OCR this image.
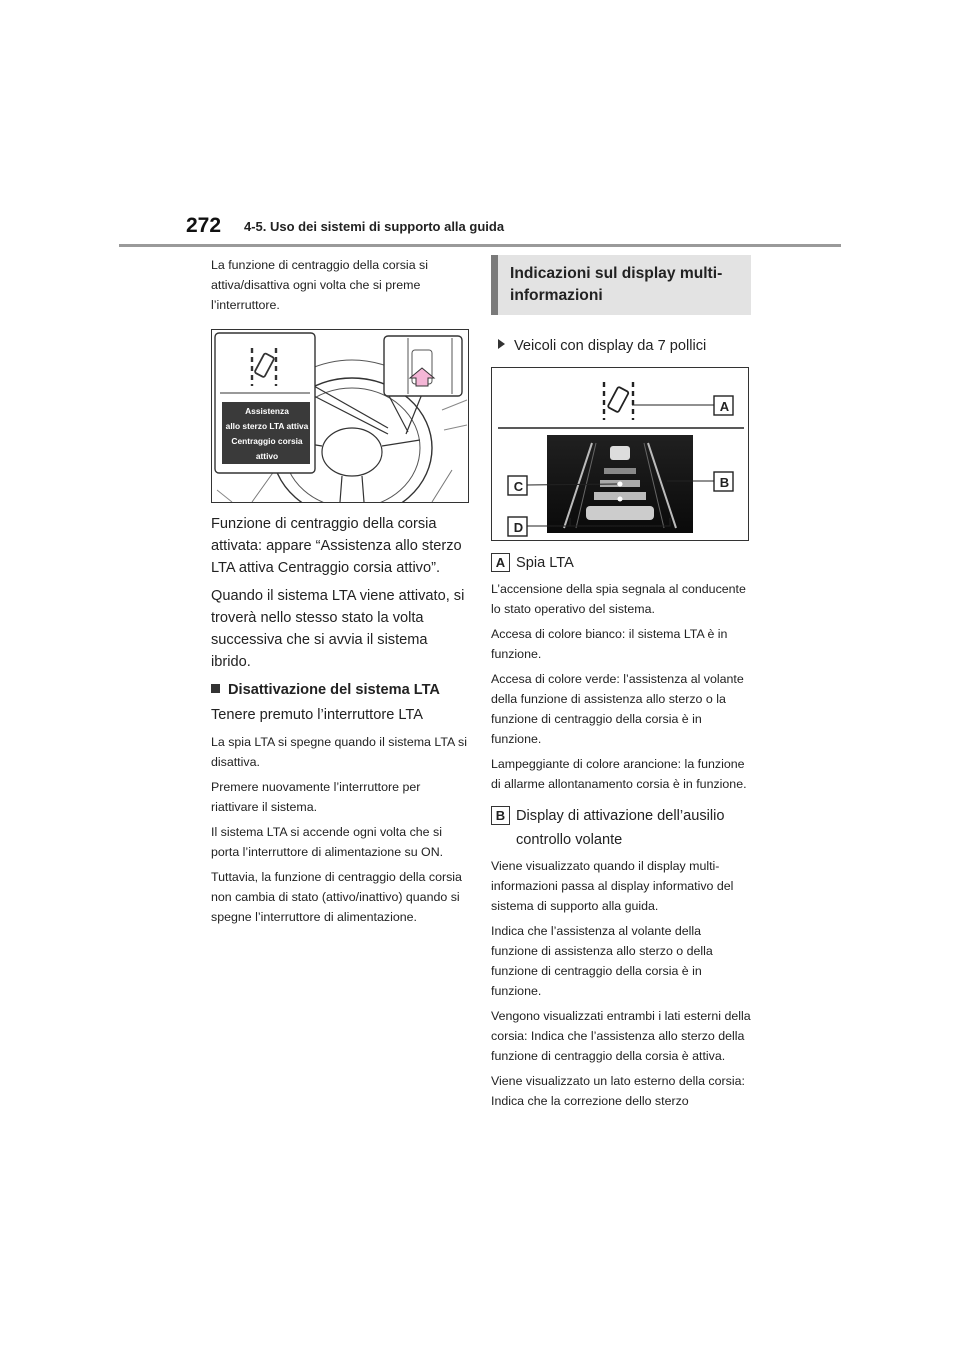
272 4-5. Uso dei sistemi di supporto alla guida

La funzione di centraggio della corsia si attiva/disattiva ogni volta che si preme l’interruttore.

Assistenza
allo sterzo LTA attiva
Centraggio corsia attivo

Funzione di centraggio della corsia attivata: appare “Assistenza allo sterzo LTA attiva Centraggio corsia attivo”.

Quando il sistema LTA viene attivato, si troverà nello stesso stato la volta successiva che si avvia il sistema ibrido.

Disattivazione del sistema LTA

Tenere premuto l’interruttore LTA

La spia LTA si spegne quando il sistema LTA si disattiva.

Premere nuovamente l’interruttore per riattivare il sistema.

Il sistema LTA si accende ogni volta che si porta l’interruttore di alimentazione su ON.

Tuttavia, la funzione di centraggio della corsia non cambia di stato (attivo/inattivo) quando si spegne l’interruttore di alimentazione.

Indicazioni sul display multi-informazioni
Veicoli con display da 7 pollici
A
B
C
D
A Spia LTA

L’accensione della spia segnala al conducente lo stato operativo del sistema.

Accesa di colore bianco: il sistema LTA è in funzione.

Accesa di colore verde: l’assistenza al volante della funzione di assistenza allo sterzo o la funzione di centraggio della corsia è in funzione.

Lampeggiante di colore arancione: la funzione di allarme allontanamento corsia è in funzione.

B Display di attivazione dell’ausilio controllo volante

Viene visualizzato quando il display multi-informazioni passa al display informativo del sistema di supporto alla guida.

Indica che l’assistenza al volante della funzione di assistenza allo sterzo o della funzione di centraggio della corsia è in funzione.

Vengono visualizzati entrambi i lati esterni della corsia: Indica che l’assistenza allo sterzo della funzione di centraggio della corsia è attiva.

Viene visualizzato un lato esterno della corsia: Indica che la correzione dello sterzo
